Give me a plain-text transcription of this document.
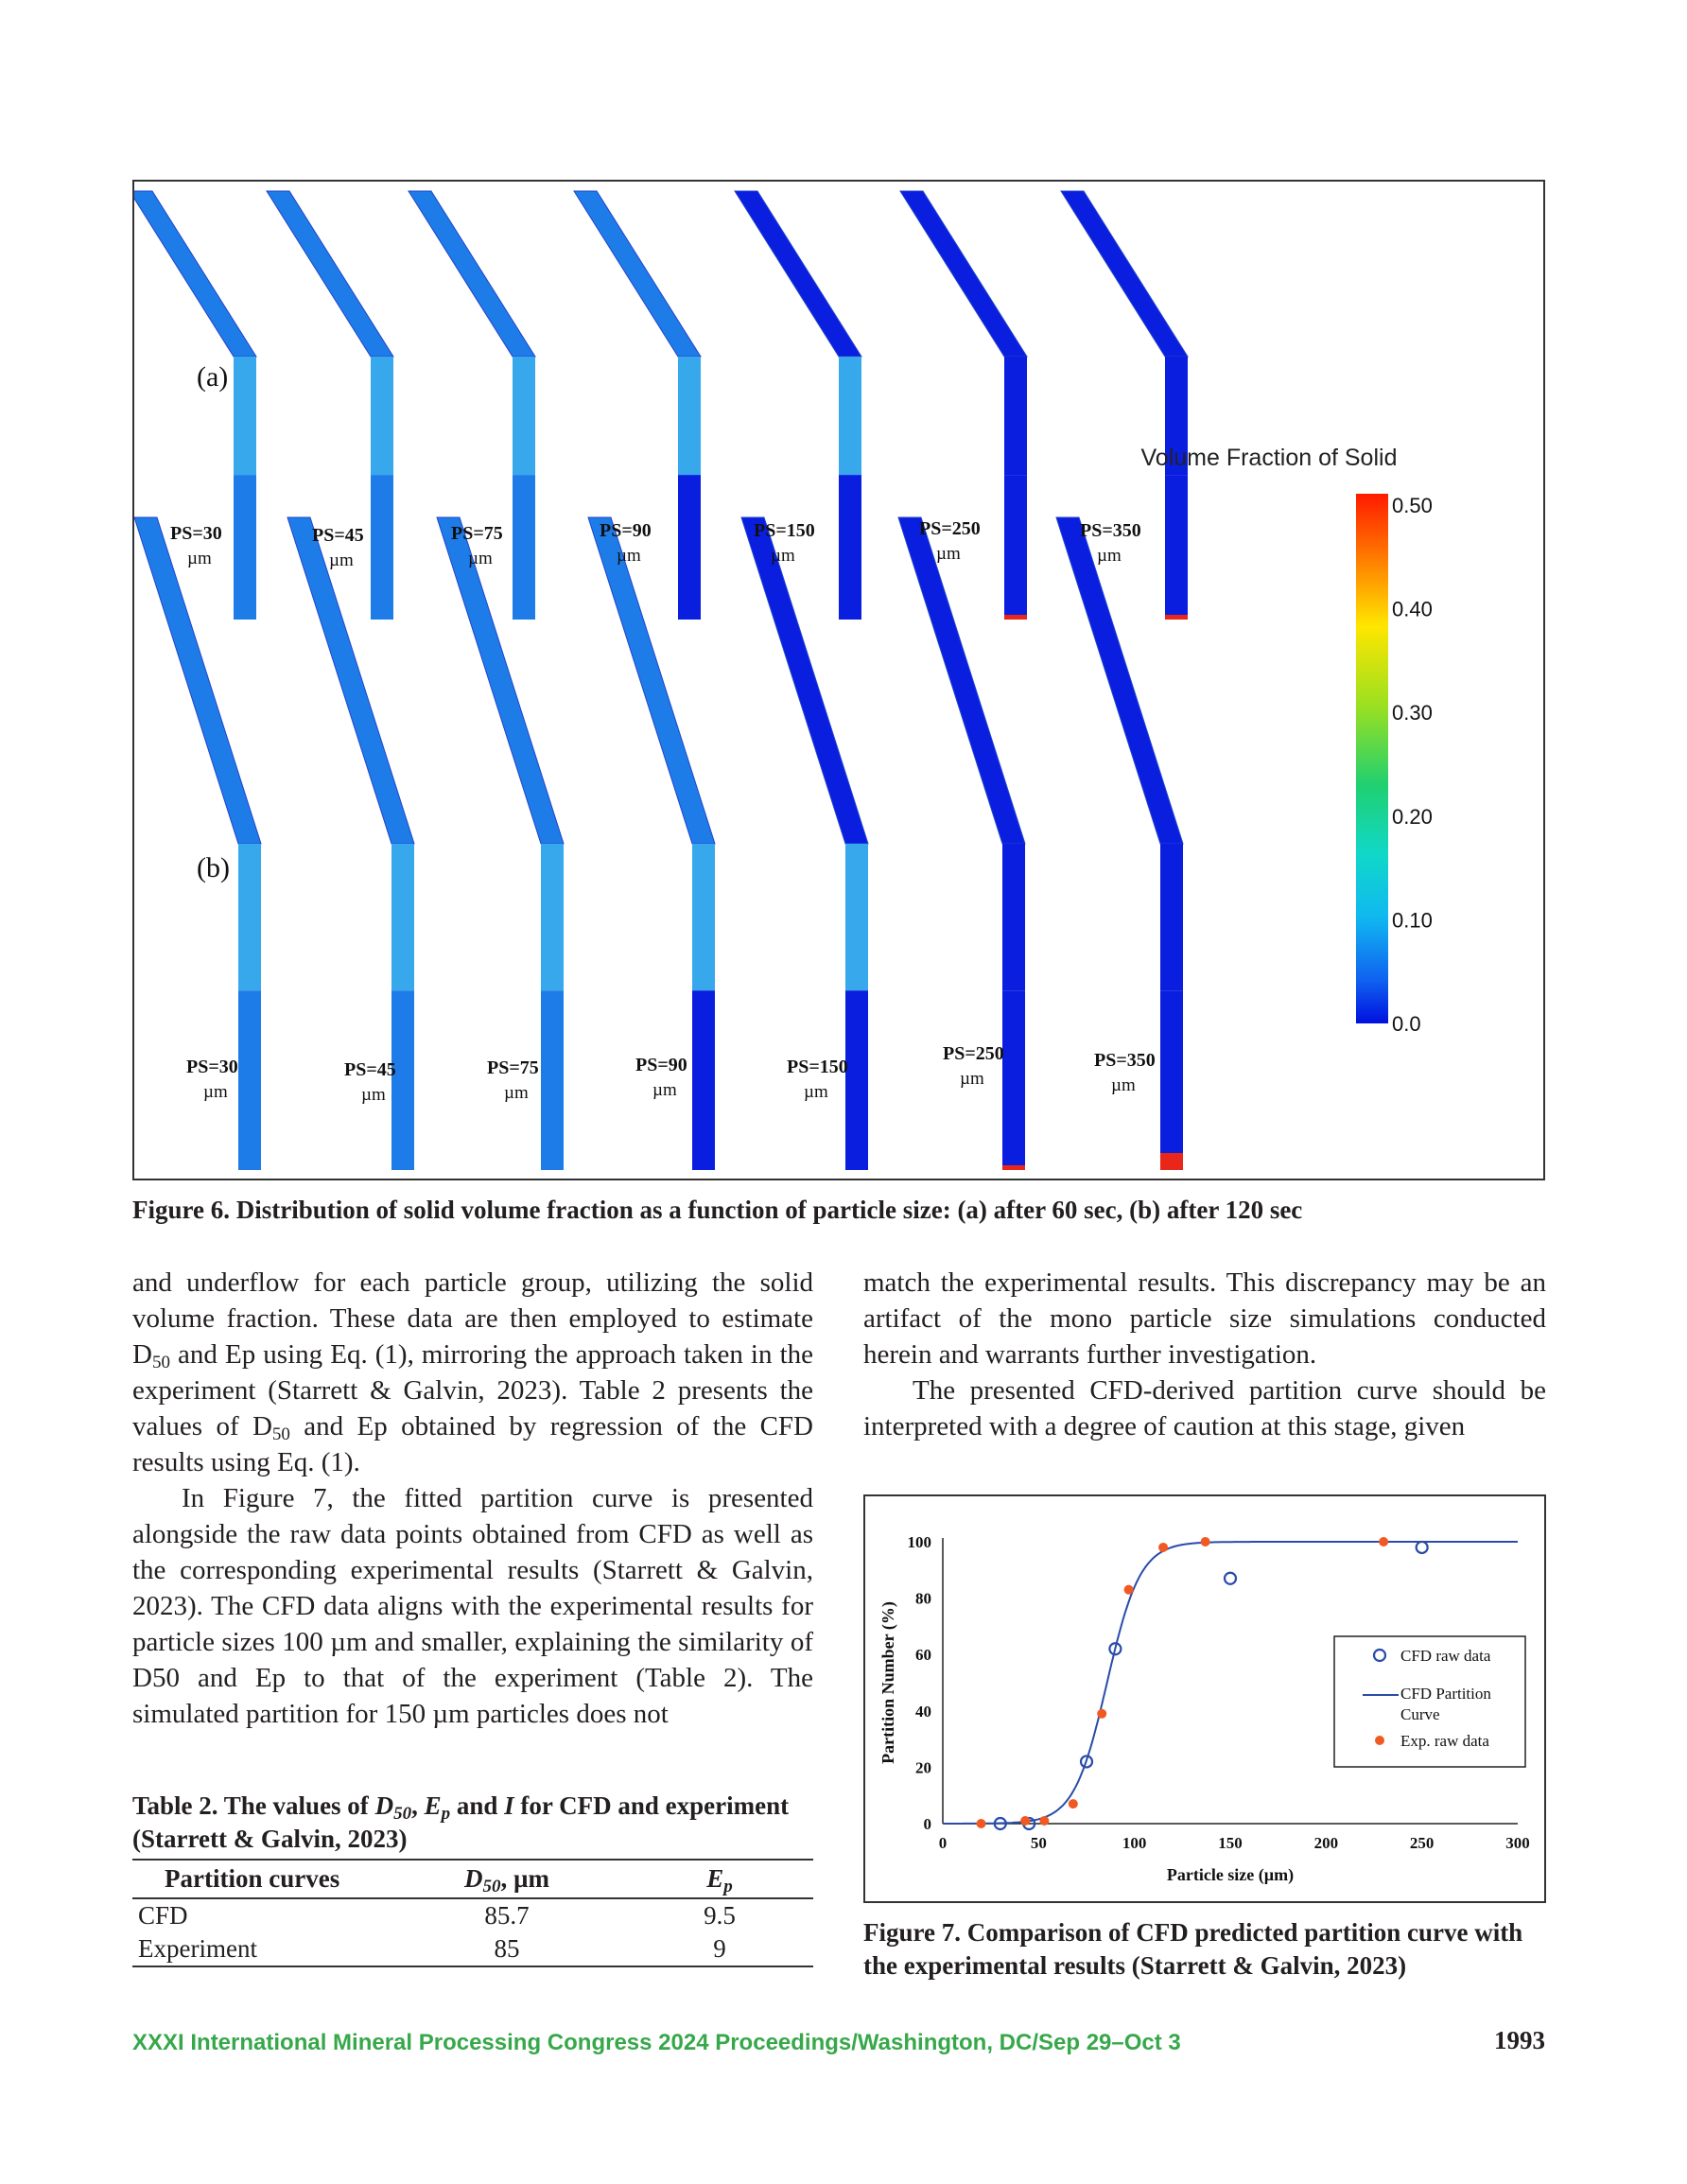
(a)
(b)
PS=30
µm
PS=45
µm
PS=75
µm
PS=90
µm
PS=150
µm
PS=250
µm
PS=350
µm
PS=30
µm
PS=45
µm
PS=75
µm
PS=90
µm
PS=150
µm
PS=250
µm
PS=350
µm
Volume Fraction of Solid
0.50
0.40
0.30
0.20
0.10
0.0
Figure 6. Distribution of solid volume fraction as a function of particle size: (a) after 60 sec, (b) after 120 sec

and underflow for each particle group, utilizing the solid volume fraction. These data are then employed to estimate $D_{50}$ and Ep using Eq. (1), mirroring the approach taken in the experiment (Starrett & Galvin, 2023). Table 2 presents the values of $D_{50}$ and Ep obtained by regression of the CFD results using Eq. (1).

In Figure 7, the fitted partition curve is presented alongside the raw data points obtained from CFD as well as the corresponding experimental results (Starrett & Galvin, 2023). The CFD data aligns with the experimental results for particle sizes 100 µm and smaller, explaining the similarity of D50 and Ep to that of the experiment (Table 2). The simulated partition for 150 µm particles does not

match the experimental results. This discrepancy may be an artifact of the mono particle size simulations conducted herein and warrants further investigation.

The presented CFD-derived partition curve should be interpreted with a degree of caution at this stage, given

Table 2. The values of $D_{50}$, $E_p$ and I for CFD and experiment (Starrett & Galvin, 2023)
Partition curves	$D_{50}$, µm	$E_p$
CFD	85.7	9.5
Experiment	85	9
0	50	100	150	200	250	300
0
20
40
60
80
100
Particle size (µm)
Partition Number (%)	CFD raw data
CFD Partition
Curve
Exp. raw data
Figure 7. Comparison of CFD predicted partition curve with the experimental results (Starrett & Galvin, 2023)
XXXI International Mineral Processing Congress 2024 Proceedings/Washington, DC/Sep 29–Oct 3	1993
